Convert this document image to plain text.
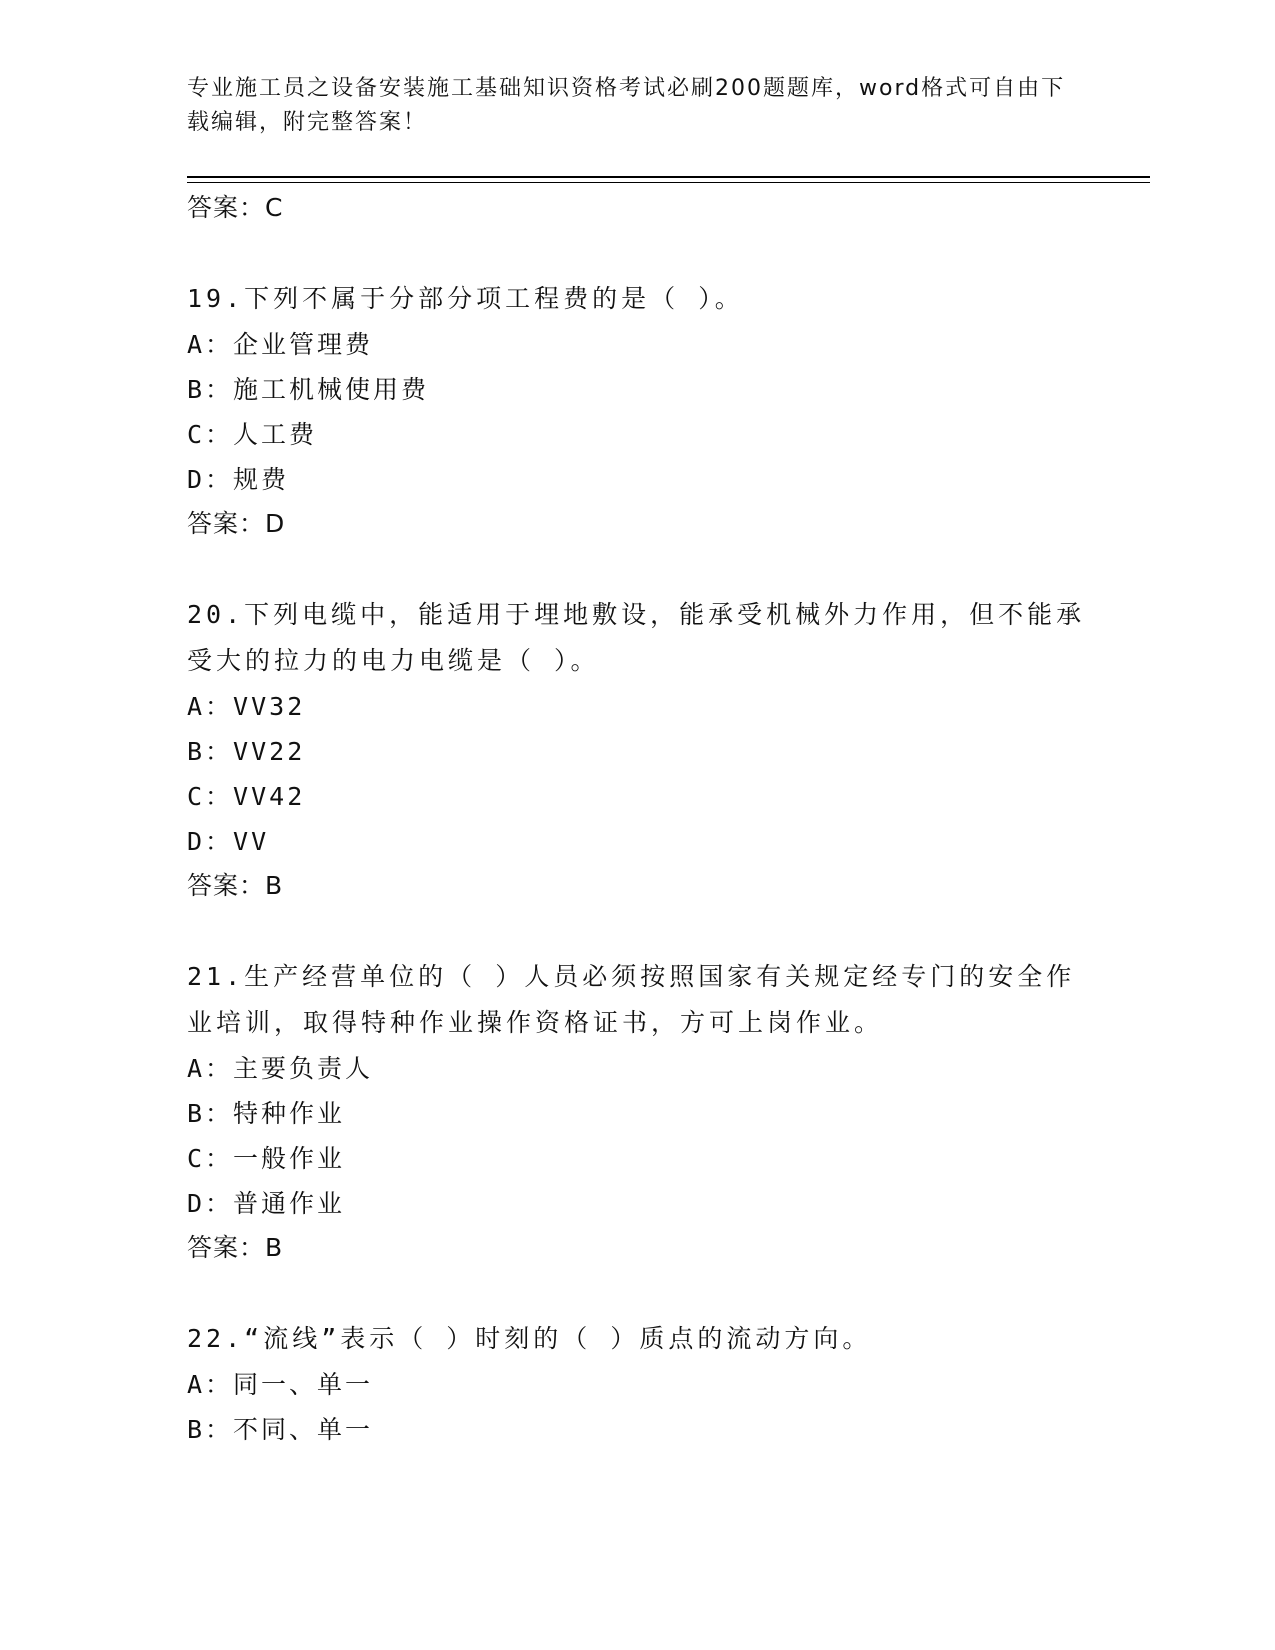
专业施工员之设备安装施工基础知识资格考试必刷200题题库，word格式可自由下载编辑，附完整答案！
答案：C
19.下列不属于分部分项工程费的是（ ）。
A：企业管理费
B：施工机械使用费
C：人工费
D：规费
答案：D
20.下列电缆中，能适用于埋地敷设，能承受机械外力作用，但不能承受大的拉力的电力电缆是（ ）。
A：VV32
B：VV22
C：VV42
D：VV
答案：B
21.生产经营单位的（ ）人员必须按照国家有关规定经专门的安全作业培训，取得特种作业操作资格证书，方可上岗作业。
A：主要负责人
B：特种作业
C：一般作业
D：普通作业
答案：B
22.“流线”表示（ ）时刻的（ ）质点的流动方向。
A：同一、单一
B：不同、单一
